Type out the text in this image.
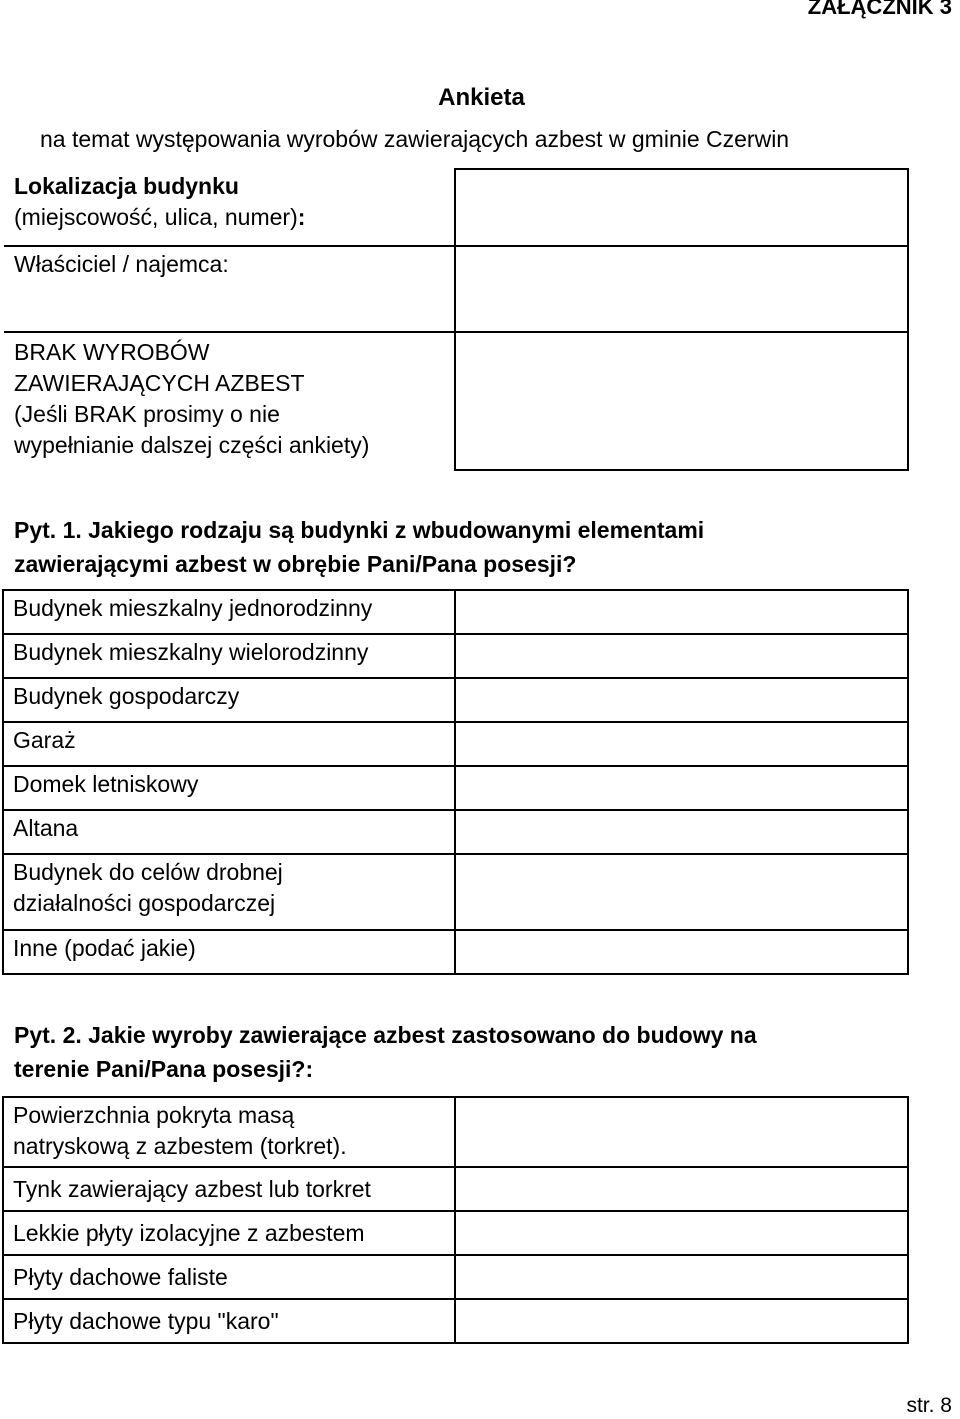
ZAŁĄCZNIK 3
Ankieta
na temat występowania wyrobów zawierających azbest w gminie Czerwin
Lokalizacja budynku
(miejscowość, ulica, numer):	

Właściciel / najemca:	

BRAK WYROBÓW
ZAWIERAJĄCYCH AZBEST
(Jeśli BRAK prosimy o nie
wypełnianie dalszej części ankiety)	

Pyt. 1. Jakiego rodzaju są budynki z wbudowanymi elementami
zawierającymi azbest w obrębie Pani/Pana posesji?
Budynek mieszkalny jednorodzinny	
Budynek mieszkalny wielorodzinny	
Budynek gospodarczy	
Garaż	
Domek letniskowy	
Altana	

Budynek do celów drobnej
działalności gospodarczej	

Inne (podać jakie)	
Pyt. 2. Jakie wyroby zawierające azbest zastosowano do budowy na
terenie Pani/Pana posesji?:
Powierzchnia pokryta masą
natryskową z azbestem (torkret).	

Tynk zawierający azbest lub torkret	
Lekkie płyty izolacyjne z azbestem	
Płyty dachowe faliste	
Płyty dachowe typu "karo"	
str. 8
